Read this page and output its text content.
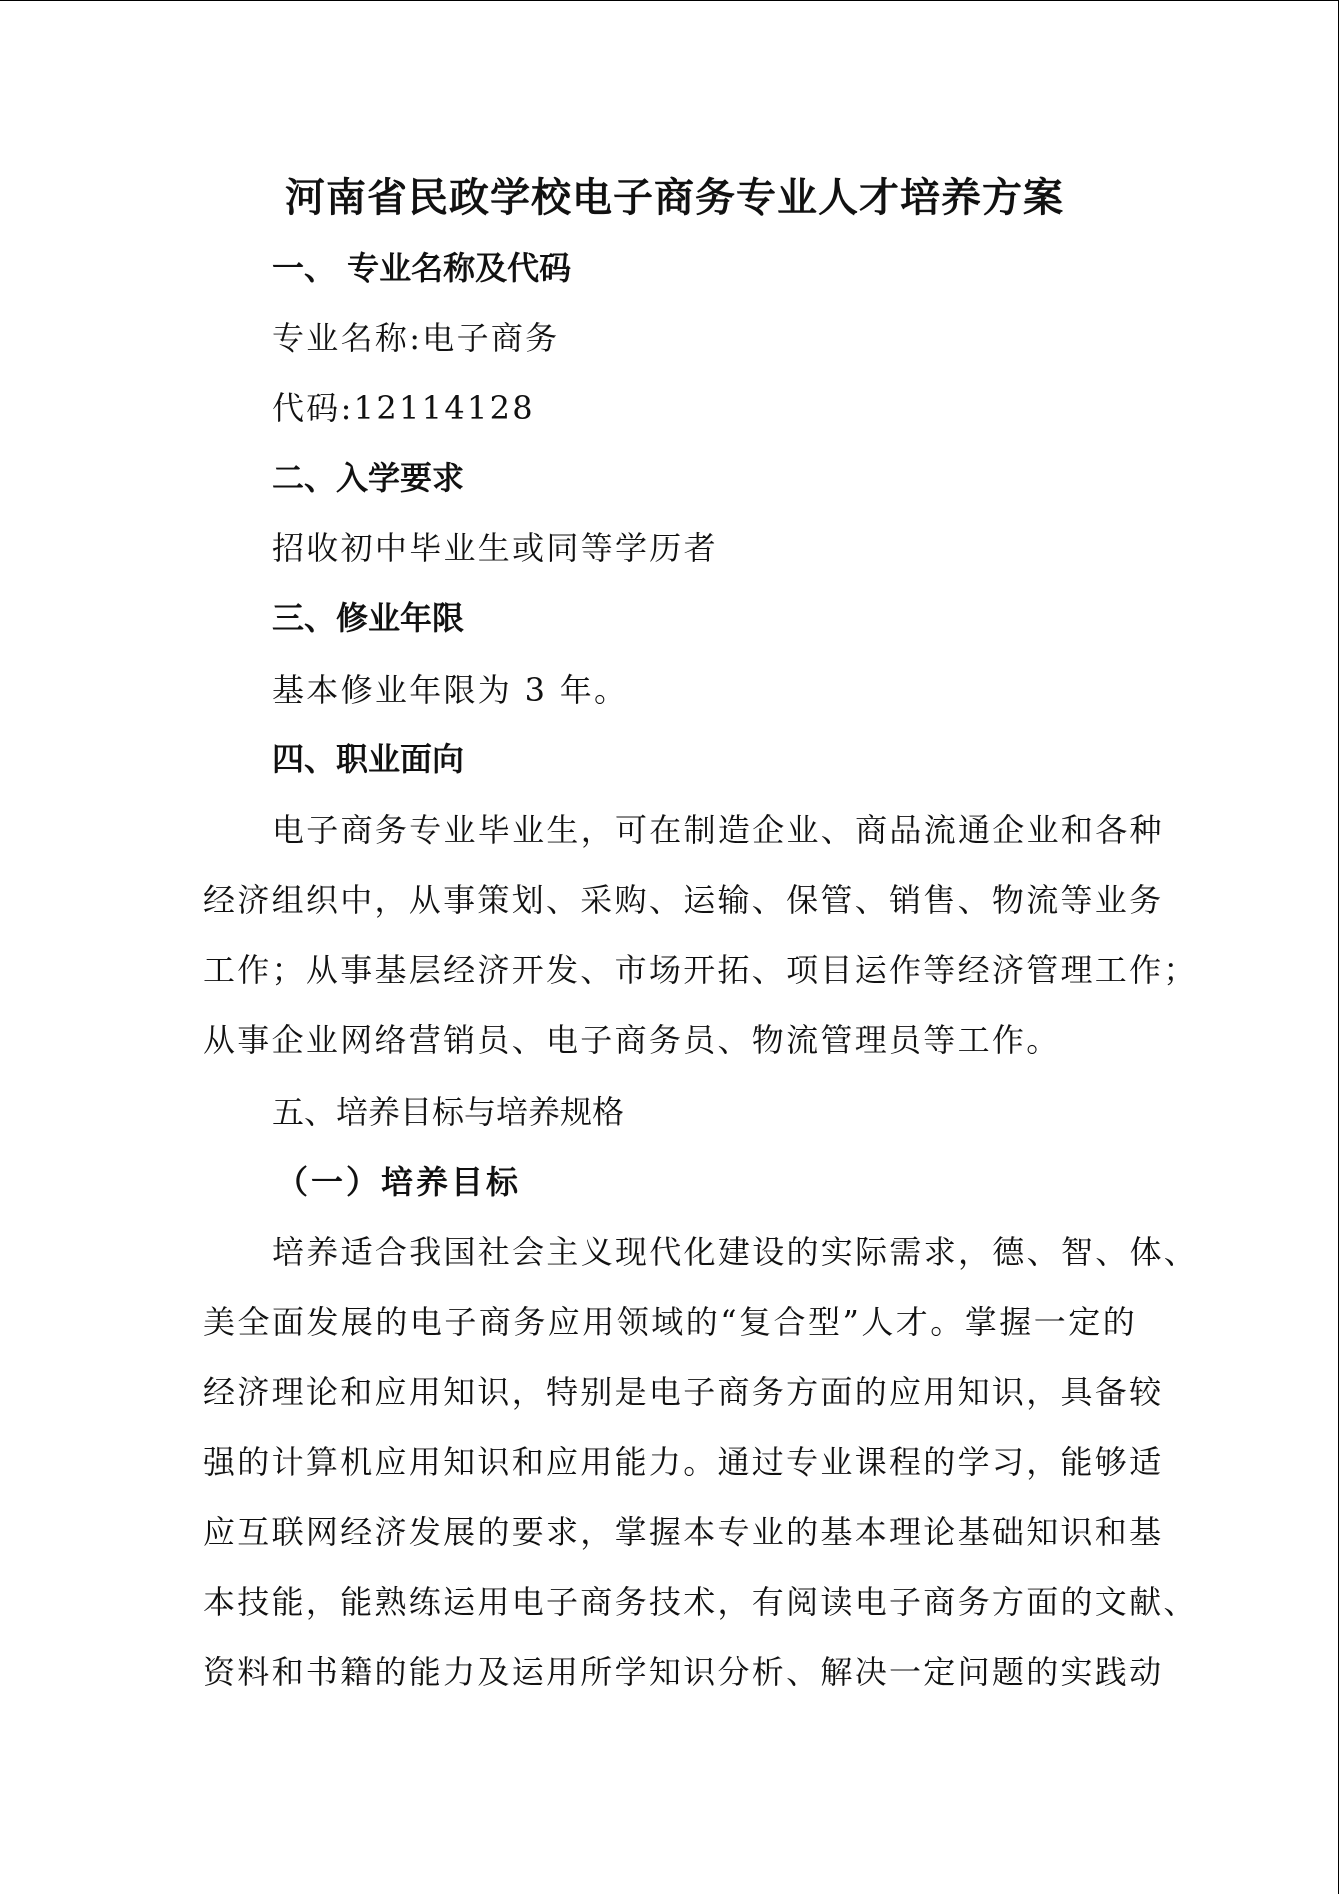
河南省民政学校电子商务专业人才培养方案
一、 专业名称及代码
专业名称:电子商务
代码:12114128
二、入学要求
招收初中毕业生或同等学历者
三、修业年限
基本修业年限为 3 年。
四、职业面向
电子商务专业毕业生，可在制造企业、商品流通企业和各种
经济组织中，从事策划、采购、运输、保管、销售、物流等业务
工作；从事基层经济开发、市场开拓、项目运作等经济管理工作；
从事企业网络营销员、电子商务员、物流管理员等工作。
五、培养目标与培养规格
（一）培养目标
培养适合我国社会主义现代化建设的实际需求，德、智、体、
美全面发展的电子商务应用领域的“复合型”人才。掌握一定的
经济理论和应用知识，特别是电子商务方面的应用知识，具备较
强的计算机应用知识和应用能力。通过专业课程的学习，能够适
应互联网经济发展的要求，掌握本专业的基本理论基础知识和基
本技能，能熟练运用电子商务技术，有阅读电子商务方面的文献、
资料和书籍的能力及运用所学知识分析、解决一定问题的实践动
